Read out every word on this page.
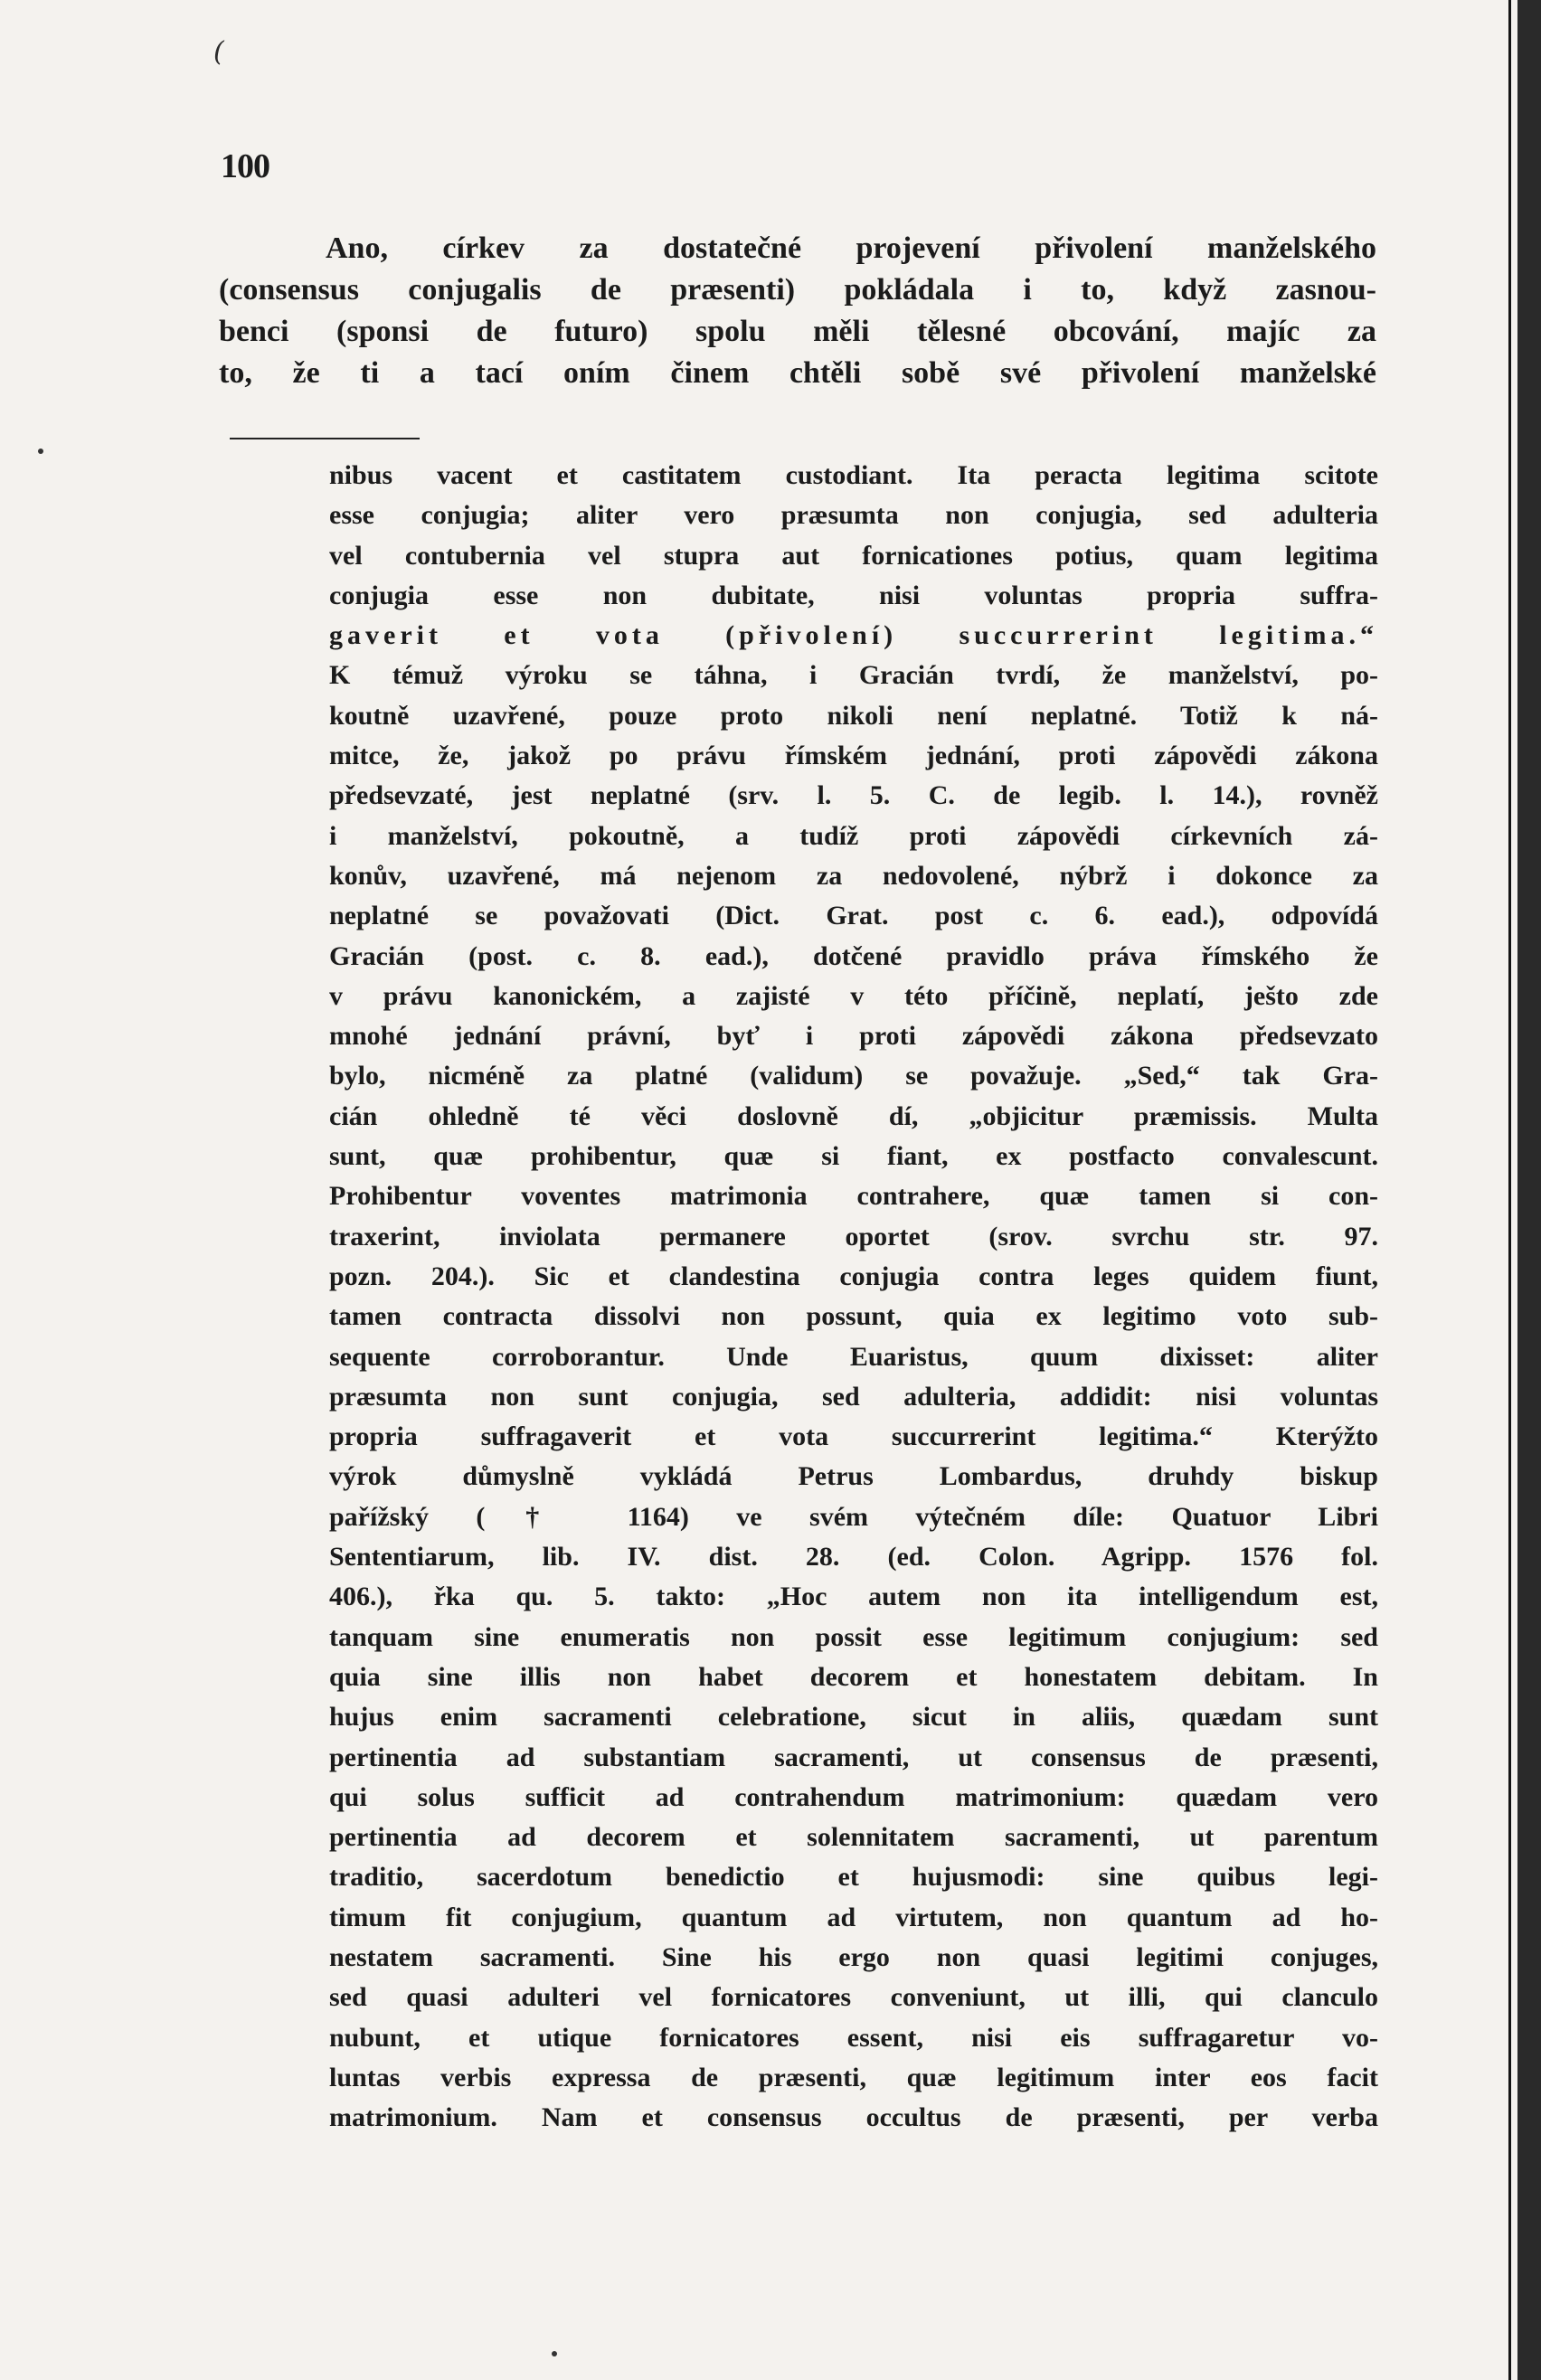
(
100
Ano, církev za dostatečné projevení přivolení manželského
(consensus conjugalis de præsenti) pokládala i to, když zasnou-
benci (sponsi de futuro) spolu měli tělesné obcování, majíc za
to, že ti a tací oním činem chtěli sobě své přivolení manželské
nibus vacent et castitatem custodiant. Ita peracta legitima scitote
esse conjugia; aliter vero præsumta non conjugia, sed adulteria
vel contubernia vel stupra aut fornicationes potius, quam legitima
conjugia esse non dubitate, nisi voluntas propria suffra-
gaverit et vota (přivolení) succurrerint legitima.“
K témuž výroku se táhna, i Gracián tvrdí, že manželství, po-
koutně uzavřené, pouze proto nikoli není neplatné. Totiž k ná-
mitce, že, jakož po právu římském jednání, proti zápovědi zákona
předsevzaté, jest neplatné (srv. l. 5. C. de legib. l. 14.), rovněž
i manželství, pokoutně, a tudíž proti zápovědi církevních zá-
konův, uzavřené, má nejenom za nedovolené, nýbrž i dokonce za
neplatné se považovati (Dict. Grat. post c. 6. ead.), odpovídá
Gracián (post. c. 8. ead.), dotčené pravidlo práva římského že
v právu kanonickém, a zajisté v této příčině, neplatí, ješto zde
mnohé jednání právní, byť i proti zápovědi zákona předsevzato
bylo, nicméně za platné (validum) se považuje. „Sed,“ tak Gra-
cián ohledně té věci doslovně dí, „objicitur præmissis. Multa
sunt, quæ prohibentur, quæ si fiant, ex postfacto convalescunt.
Prohibentur voventes matrimonia contrahere, quæ tamen si con-
traxerint, inviolata permanere oportet (srov. svrchu str. 97.
pozn. 204.). Sic et clandestina conjugia contra leges quidem fiunt,
tamen contracta dissolvi non possunt, quia ex legitimo voto sub-
sequente corroborantur. Unde Euaristus, quum dixisset: aliter
præsumta non sunt conjugia, sed adulteria, addidit: nisi voluntas
propria suffragaverit et vota succurrerint legitima.“ Kterýžto
výrok důmyslně vykládá Petrus Lombardus, druhdy biskup
pařížský († 1164) ve svém výtečném díle: Quatuor Libri
Sententiarum, lib. IV. dist. 28. (ed. Colon. Agripp. 1576 fol.
406.), řka qu. 5. takto: „Hoc autem non ita intelligendum est,
tanquam sine enumeratis non possit esse legitimum conjugium: sed
quia sine illis non habet decorem et honestatem debitam. In
hujus enim sacramenti celebratione, sicut in aliis, quædam sunt
pertinentia ad substantiam sacramenti, ut consensus de præsenti,
qui solus sufficit ad contrahendum matrimonium: quædam vero
pertinentia ad decorem et solennitatem sacramenti, ut parentum
traditio, sacerdotum benedictio et hujusmodi: sine quibus legi-
timum fit conjugium, quantum ad virtutem, non quantum ad ho-
nestatem sacramenti. Sine his ergo non quasi legitimi conjuges,
sed quasi adulteri vel fornicatores conveniunt, ut illi, qui clanculo
nubunt, et utique fornicatores essent, nisi eis suffragaretur vo-
luntas verbis expressa de præsenti, quæ legitimum inter eos facit
matrimonium. Nam et consensus occultus de præsenti, per verba
